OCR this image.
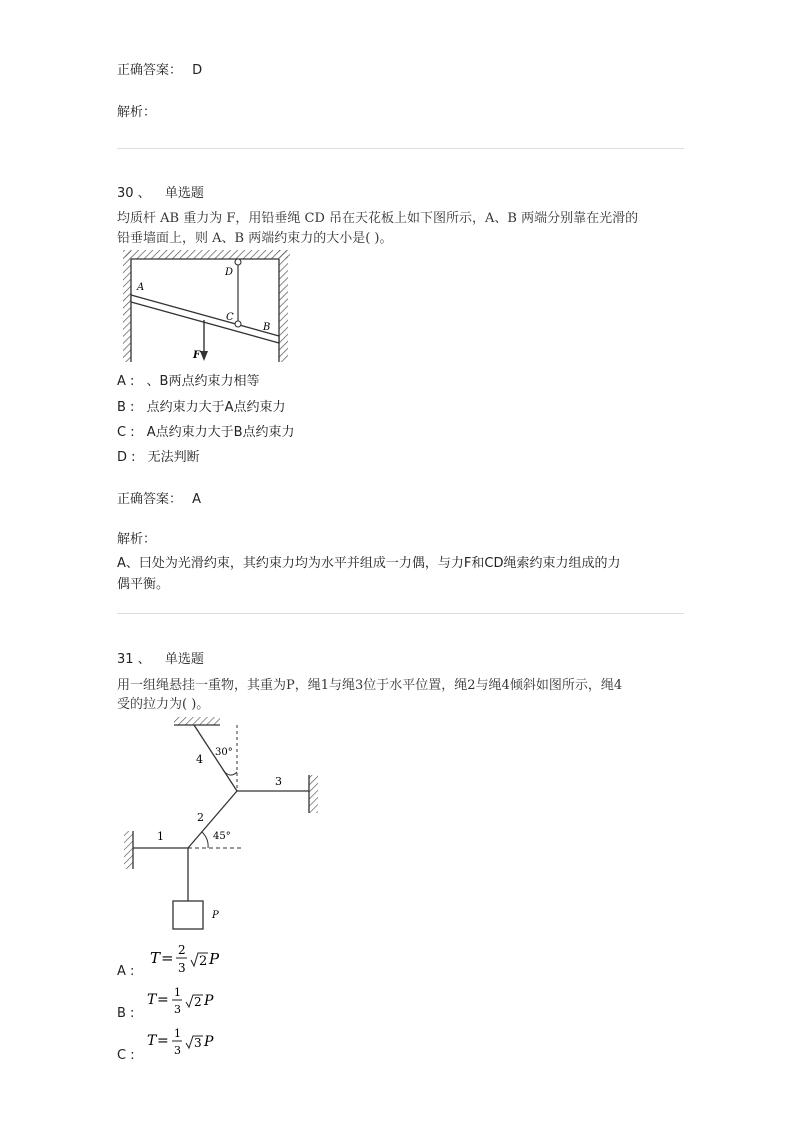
正确答案： D
解析：
30 、 单选题
均质杆 AB 重力为 F，用铅垂绳 CD 吊在天花板上如下图所示，A、B 两端分别靠在光滑的
铅垂墙面上，则 A、B 两端约束力的大小是( )。
A
B
C
D
F
A : 、B两点约束力相等
B : 点约束力大于A点约束力
C : A点约束力大于B点约束力
D : 无法判断
正确答案： A
解析：
A、曰处为光滑约束，其约束力均为水平并组成一力偶，与力F和CD绳索约束力组成的力
偶平衡。
31 、 单选题
用一组绳悬挂一重物，其重为P，绳1与绳3位于水平位置，绳2与绳4倾斜如图所示，绳4
受的拉力为( )。
4
3
2
1
30°
45°
P
A :
T = 2
3 2 P
B :
T = 1
3
2 P
C :
T = 1
3
3 P
